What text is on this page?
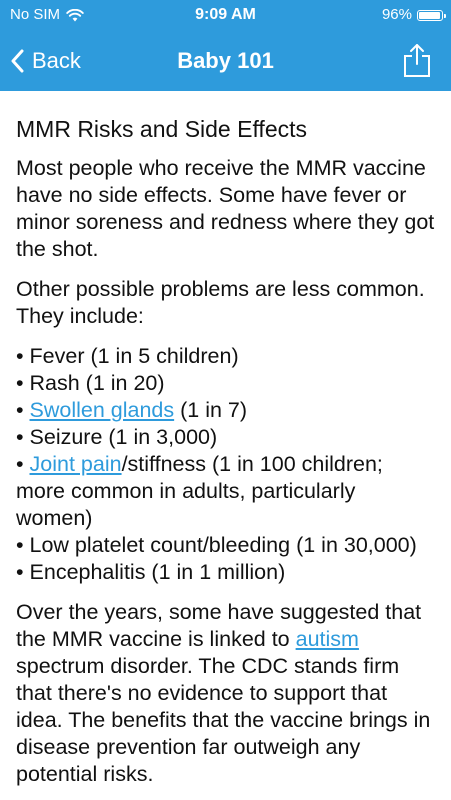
No SIM	9:09 AM	96%
Back	Baby 101
MMR Risks and Side Effects

Most people who receive the MMR vaccine have no side effects. Some have fever or minor soreness and redness where they got the shot.

Other possible problems are less common. They include:

• Fever (1 in 5 children)
• Rash (1 in 20)
• Swollen glands (1 in 7)
• Seizure (1 in 3,000)
• Joint pain/stiffness (1 in 100 children; more common in adults, particularly women)
• Low platelet count/bleeding (1 in 30,000)
• Encephalitis (1 in 1 million)

Over the years, some have suggested that the MMR vaccine is linked to autism spectrum disorder. The CDC stands firm that there's no evidence to support that idea. The benefits that the vaccine brings in disease prevention far outweigh any potential risks.
